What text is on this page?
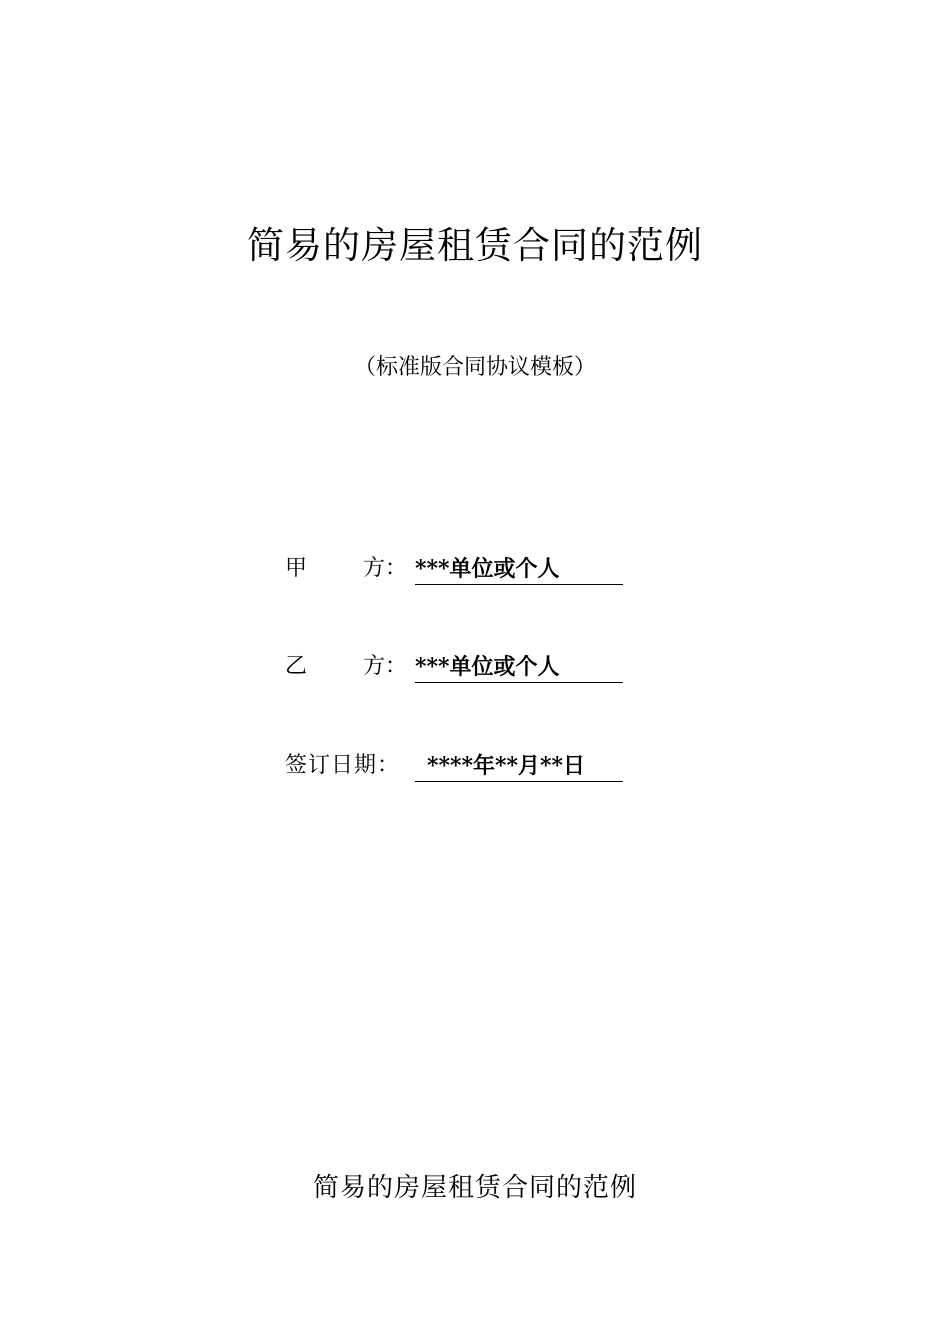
简易的房屋租赁合同的范例
（标准版合同协议模板）
甲	方： ***单位或个人
乙	方： ***单位或个人
签订日期： ****年**月**日
简易的房屋租赁合同的范例
